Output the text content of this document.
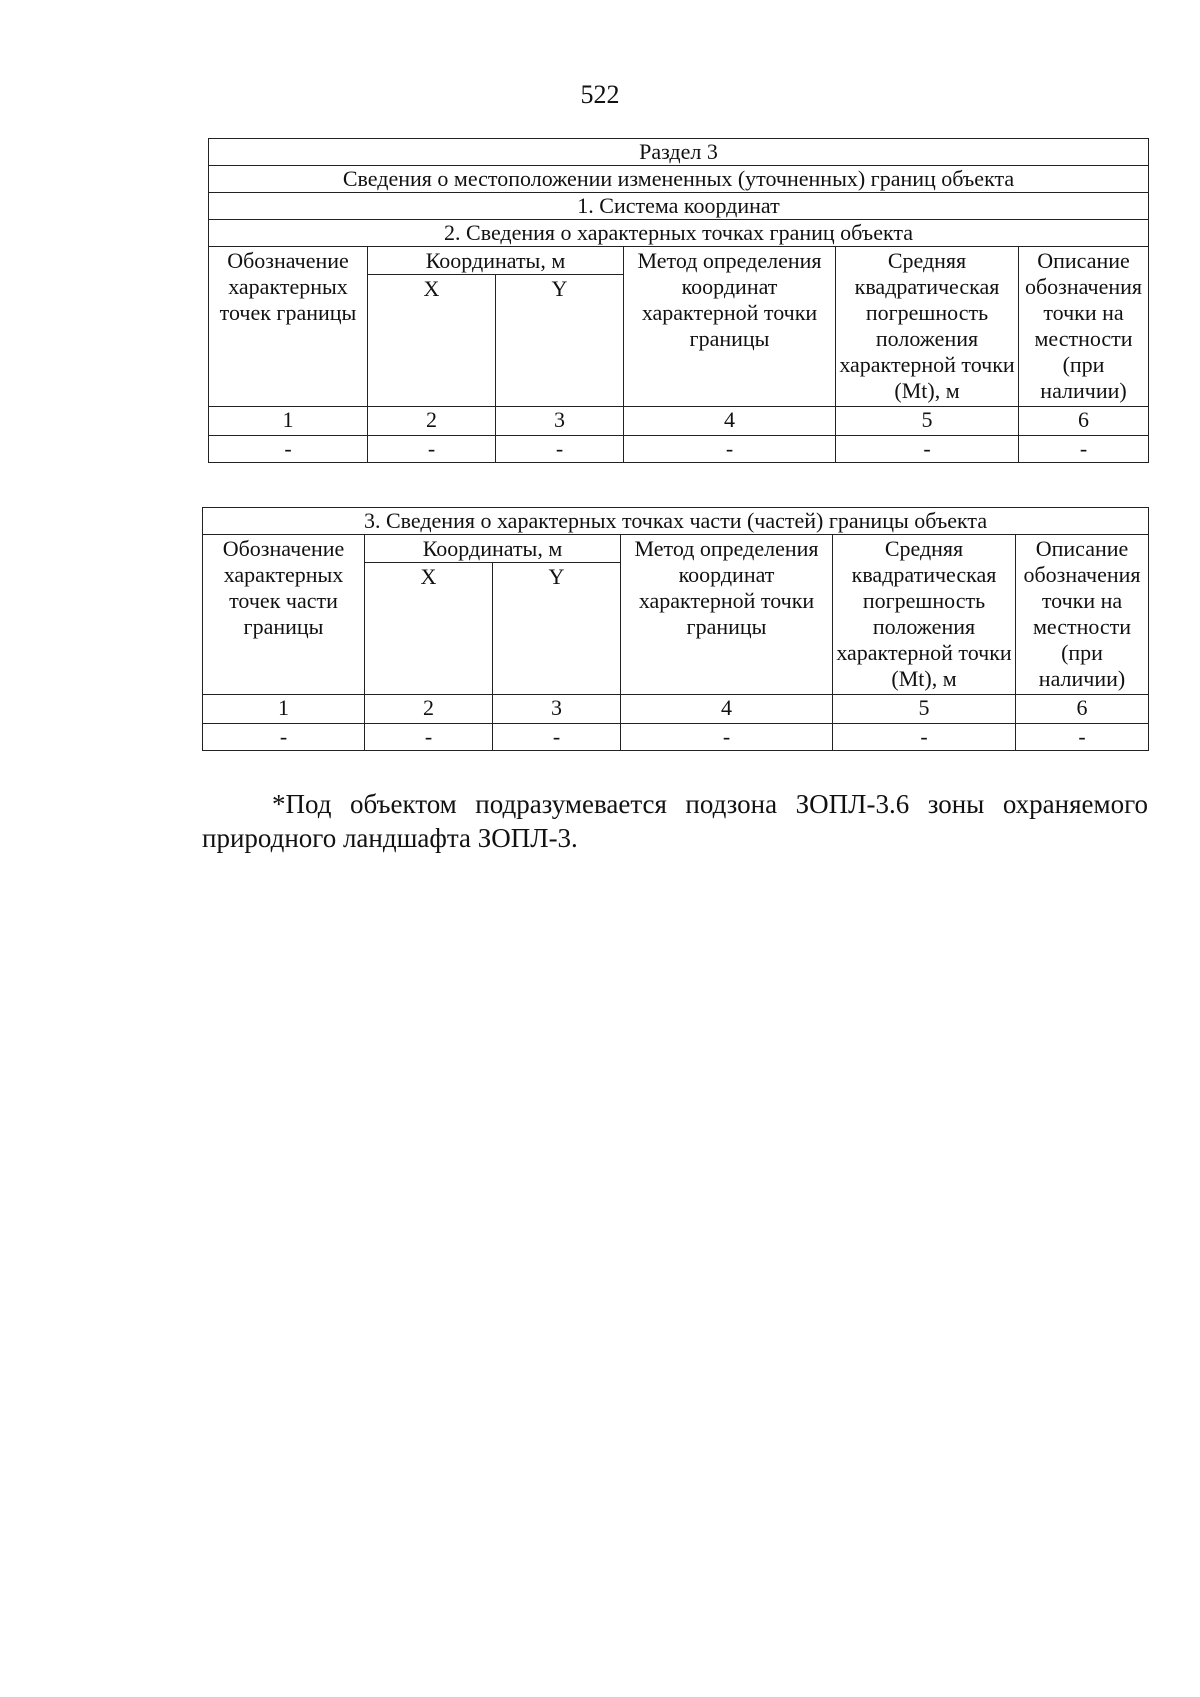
522
Раздел 3					
Сведения о местоположении измененных (уточненных) границ объекта					
1. Система координат					
2. Сведения о характерных точках границ объекта					
Обозначение характерных точек границы	Координаты, м		Метод определения координат характерной точки границы	Средняя квадратическая погрешность положения характерной точки (Mt), м	Описание обозначения точки на местности (при наличии)
	X	Y			
1	2	3	4	5	6
-	-	-	-	-	-
3. Сведения о характерных точках части (частей) границы объекта					
Обозначение характерных точек части границы	Координаты, м		Метод определения координат характерной точки границы	Средняя квадратическая погрешность положения характерной точки (Mt), м	Описание обозначения точки на местности (при наличии)
	X	Y			
1	2	3	4	5	6
-	-	-	-	-	-

*Под объектом подразумевается подзона ЗОПЛ-3.6 зоны охраняемого природного ландшафта ЗОПЛ-3.
